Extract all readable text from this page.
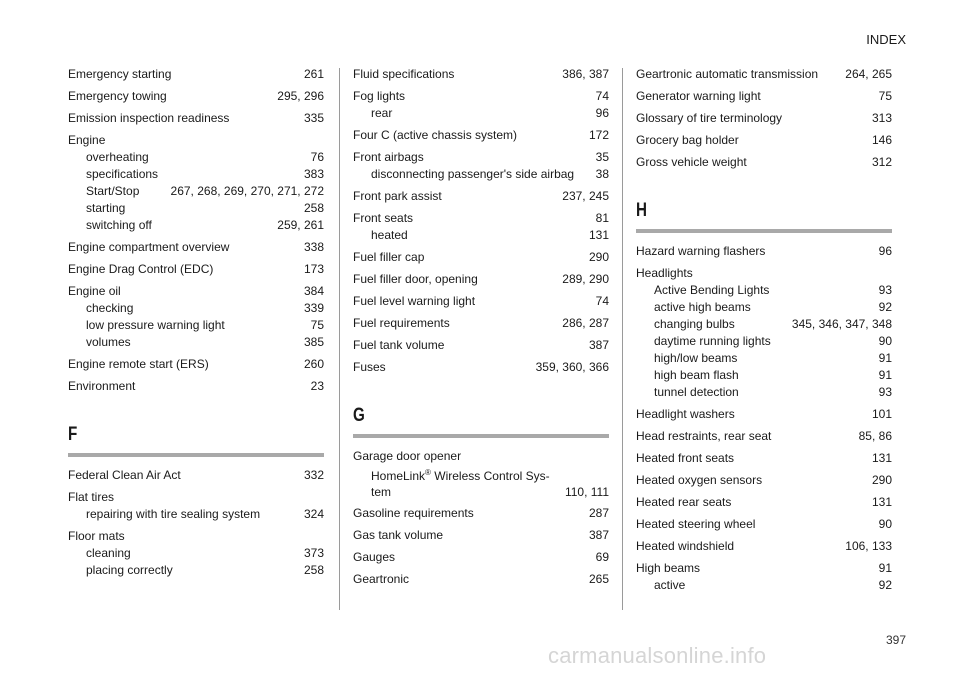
INDEX
Emergency starting	261
Emergency towing	295, 296
Emission inspection readiness	335
Engine
overheating	76
specifications	383
Start/Stop	267, 268, 269, 270, 271, 272
starting	258
switching off	259, 261
Engine compartment overview	338
Engine Drag Control (EDC)	173
Engine oil	384
checking	339
low pressure warning light	75
volumes	385
Engine remote start (ERS)	260
Environment	23
F
Federal Clean Air Act	332
Flat tires
repairing with tire sealing system	324
Floor mats
cleaning	373
placing correctly	258
Fluid specifications	386, 387
Fog lights	74
rear	96
Four C (active chassis system)	172
Front airbags	35
disconnecting passenger's side airbag	38
Front park assist	237, 245
Front seats	81
heated	131
Fuel filler cap	290
Fuel filler door, opening	289, 290
Fuel level warning light	74
Fuel requirements	286, 287
Fuel tank volume	387
Fuses	359, 360, 366
G
Garage door opener
HomeLink® Wireless Control Sys-
tem	110, 111
Gasoline requirements	287
Gas tank volume	387
Gauges	69
Geartronic	265
Geartronic automatic transmission	264, 265
Generator warning light	75
Glossary of tire terminology	313
Grocery bag holder	146
Gross vehicle weight	312
H
Hazard warning flashers	96
Headlights
Active Bending Lights	93
active high beams	92
changing bulbs	345, 346, 347, 348
daytime running lights	90
high/low beams	91
high beam flash	91
tunnel detection	93
Headlight washers	101
Head restraints, rear seat	85, 86
Heated front seats	131
Heated oxygen sensors	290
Heated rear seats	131
Heated steering wheel	90
Heated windshield	106, 133
High beams	91
active	92
397
carmanualsonline.info
